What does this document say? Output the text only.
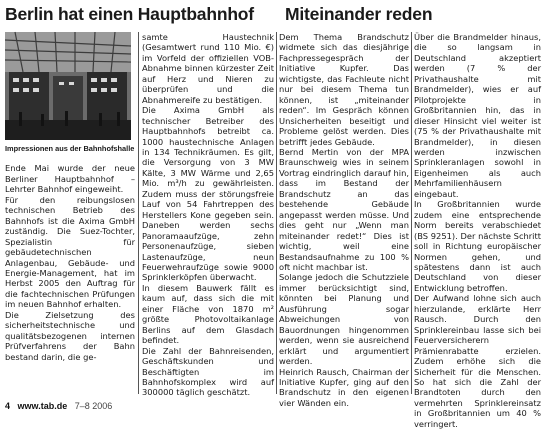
Berlin hat einen Hauptbahnhof Miteinander reden
Impressionen aus der Bahnhofshalle

Ende Mai wurde der neue Berliner Hauptbahnhof – Lehrter Bahnhof eingeweiht.

Für den reibungslosen technischen Betrieb des Bahnhofs ist die Axima GmbH zuständig. Die Suez-Tochter, Spezialistin für gebäudetechnischen Anlagenbau, Gebäude- und Energie-Management, hat im Herbst 2005 den Auftrag für die fachtechnischen Prüfungen im neuen Bahnhof erhalten.

Die Zielsetzung des sicherheitstechnische und qualitätsbezogenen internen Prüfverfahrens der Bahn bestand darin, die ge-

samte Haustechnik (Gesamtwert rund 110 Mio. €) im Vorfeld der offiziellen VOB-Abnahme binnen kürzester Zeit auf Herz und Nieren zu überprüfen und die Abnahmereife zu bestätigen.

Die Axima GmbH als technischer Betreiber des Hauptbahnhofs betreibt ca. 1000 haustechnische Anlagen in 134 Technikräumen. Es gilt, die Versorgung von 3 MW Kälte, 3 MW Wärme und 2,65 Mio. m³/h zu gewährleisten. Zudem muss der störungsfreie Lauf von 54 Fahrtreppen des Herstellers Kone gegeben sein. Daneben werden sechs Panoramaaufzüge, zehn Personenaufzüge, sieben Lastenaufzüge, neun Feuerwehraufzüge sowie 9000 Sprinklerköpfen überwacht.

In diesem Bauwerk fällt es kaum auf, dass sich die mit einer Fläche von 1870 m² größte Photovoltaikanlage Berlins auf dem Glasdach befindet.

Die Zahl der Bahnreisenden, Geschäftskunden und Beschäftigten im Bahnhofskomplex wird auf 300000 täglich geschätzt.

Dem Thema Brandschutz widmete sich das diesjährige Fachpressegespräch der Initiative Kupfer. Das wichtigste, das Fachleute nicht nur bei diesem Thema tun können, ist „miteinander reden“. Im Gespräch können Unsicherheiten beseitigt und Probleme gelöst werden. Dies betrifft jedes Gebäude.

Bernd Mertin von der MPA Braunschweig wies in seinem Vortrag eindringlich darauf hin, dass im Bestand der Brandschutz an das bestehende Gebäude angepasst werden müsse. Und dies geht nur „Wenn man miteinander redet!“ Dies ist wichtig, weil eine Bestandsaufnahme zu 100 % oft nicht machbar ist.

Solange jedoch die Schutzziele immer berücksichtigt sind, könnten bei Planung und Ausführung sogar Abweichungen von Bauordnungen hingenommen werden, wenn sie ausreichend erklärt und argumentiert werden.

Heinrich Rausch, Chairman der Initiative Kupfer, ging auf den Brandschutz in den eigenen vier Wänden ein.

Über die Brandmelder hinaus, die so langsam in Deutschland akzeptiert werden (7 % der Privathaushalte mit Brandmelder), wies er auf Pilotprojekte in Großbritannien hin, das in dieser Hinsicht viel weiter ist (75 % der Privathaushalte mit Brandmelder), in diesen werden inzwischen Sprinkleranlagen sowohl in Eigenheimen als auch Mehrfamilienhäusern eingebaut.

In Großbritannien wurde zudem eine entsprechende Norm bereits verabschiedet (BS 9251). Der nächste Schritt soll in Richtung europäischer Normen gehen, und spätestens dann ist auch Deutschland von dieser Entwicklung betroffen.

Der Aufwand lohne sich auch hierzulande, erklärte Herr Rausch. Durch den Sprinklereinbau lasse sich bei Feuerversicherern Prämienrabatte erzielen. Zudem erhöhe sich die Sicherheit für die Menschen. So hat sich die Zahl der Brandtoten durch den vermehrten Sprinklereinsatz in Großbritannien um 40 % verringert.

4 www.tab.de 7–8 2006
